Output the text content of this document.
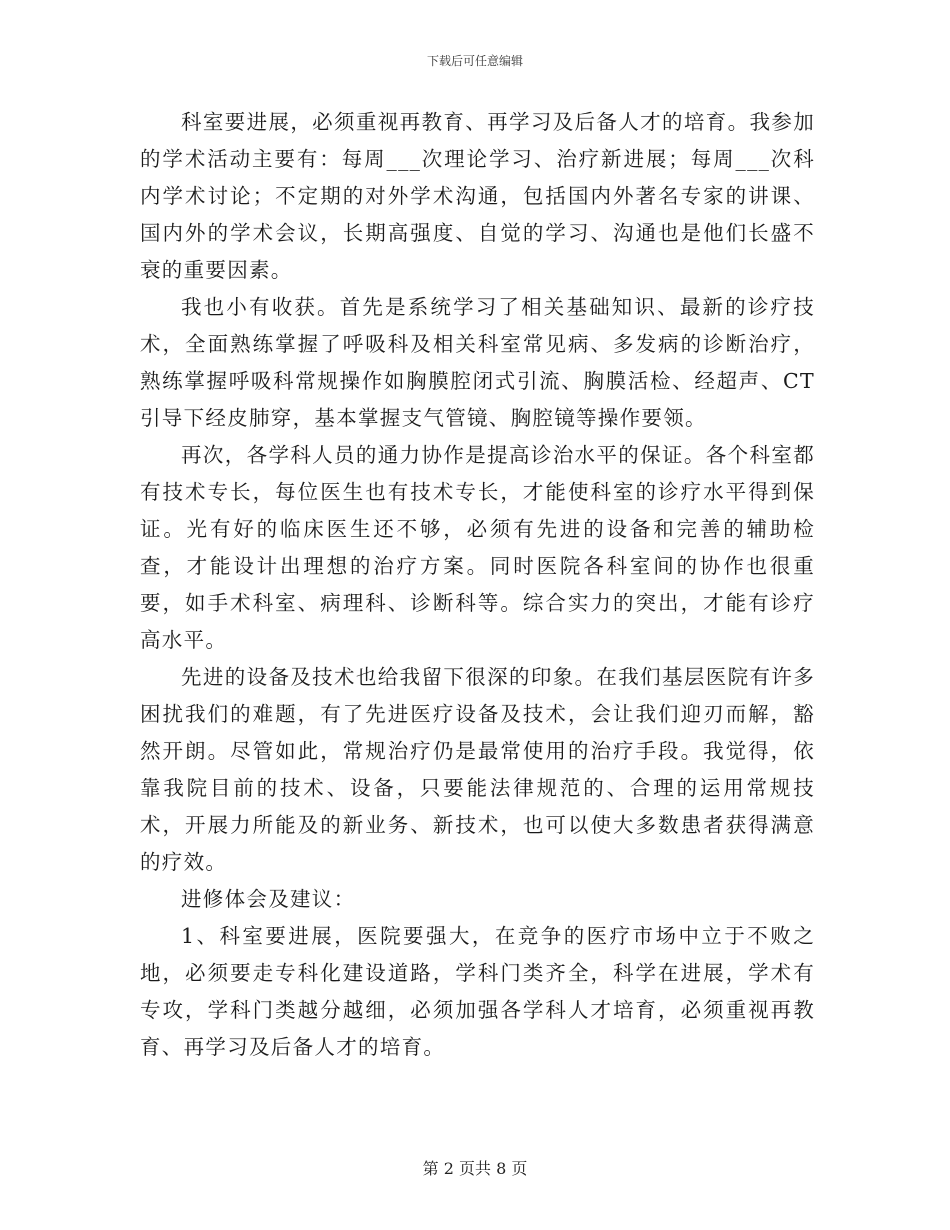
下载后可任意编辑

科室要进展，必须重视再教育、再学习及后备人才的培育。我参加的学术活动主要有：每周___次理论学习、治疗新进展；每周___次科内学术讨论；不定期的对外学术沟通，包括国内外著名专家的讲课、国内外的学术会议，长期高强度、自觉的学习、沟通也是他们长盛不衰的重要因素。

我也小有收获。首先是系统学习了相关基础知识、最新的诊疗技术，全面熟练掌握了呼吸科及相关科室常见病、多发病的诊断治疗，熟练掌握呼吸科常规操作如胸膜腔闭式引流、胸膜活检、经超声、CT引导下经皮肺穿，基本掌握支气管镜、胸腔镜等操作要领。

再次，各学科人员的通力协作是提高诊治水平的保证。各个科室都有技术专长，每位医生也有技术专长，才能使科室的诊疗水平得到保证。光有好的临床医生还不够，必须有先进的设备和完善的辅助检查，才能设计出理想的治疗方案。同时医院各科室间的协作也很重要，如手术科室、病理科、诊断科等。综合实力的突出，才能有诊疗高水平。

先进的设备及技术也给我留下很深的印象。在我们基层医院有许多困扰我们的难题，有了先进医疗设备及技术，会让我们迎刃而解，豁然开朗。尽管如此，常规治疗仍是最常使用的治疗手段。我觉得，依靠我院目前的技术、设备，只要能法律规范的、合理的运用常规技术，开展力所能及的新业务、新技术，也可以使大多数患者获得满意的疗效。

进修体会及建议：

1、科室要进展，医院要强大，在竞争的医疗市场中立于不败之地，必须要走专科化建设道路，学科门类齐全，科学在进展，学术有专攻，学科门类越分越细，必须加强各学科人才培育，必须重视再教育、再学习及后备人才的培育。

第 2 页共 8 页
